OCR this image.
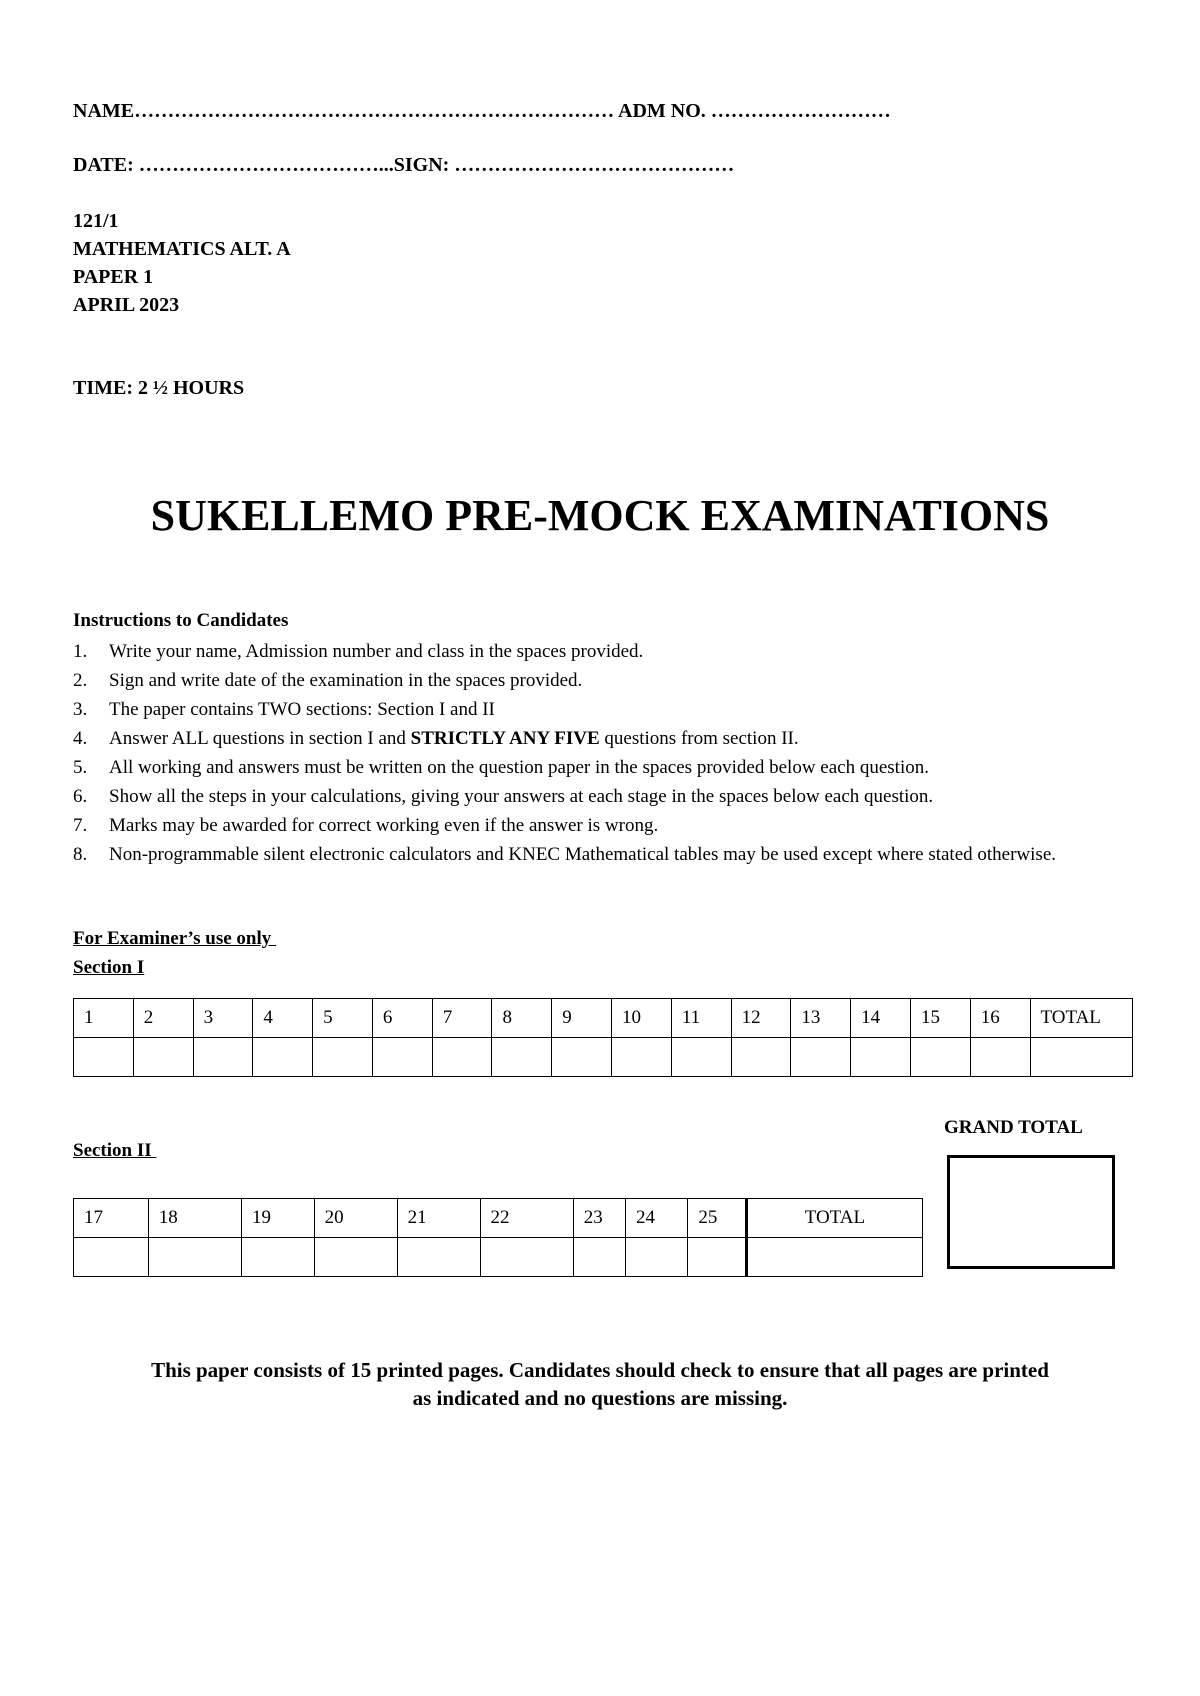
NAME……………………………………………………………… ADM NO. ………………………
DATE: ………………………………...SIGN: ……………………………………
121/1
MATHEMATICS ALT. A
PAPER 1
APRIL 2023
TIME: 2 ½ HOURS
SUKELLEMO PRE-MOCK EXAMINATIONS
Instructions to Candidates
1. Write your name, Admission number and class in the spaces provided.
2. Sign and write date of the examination in the spaces provided.
3. The paper contains TWO sections: Section I and II
4. Answer ALL questions in section I and STRICTLY ANY FIVE questions from section II.
5. All working and answers must be written on the question paper in the spaces provided below each question.
6. Show all the steps in your calculations, giving your answers at each stage in the spaces below each question.
7. Marks may be awarded for correct working even if the answer is wrong.
8. Non-programmable silent electronic calculators and KNEC Mathematical tables may be used except where stated otherwise.
For Examiner’s use only
Section I
1	2	3	4	5	6	7	8	9	10	11	12	13	14	15	16	TOTAL

GRAND TOTAL
Section II
17	18	19	20	21	22	23	24	25	TOTAL

This paper consists of 15 printed pages. Candidates should check to ensure that all pages are printed
as indicated and no questions are missing.
